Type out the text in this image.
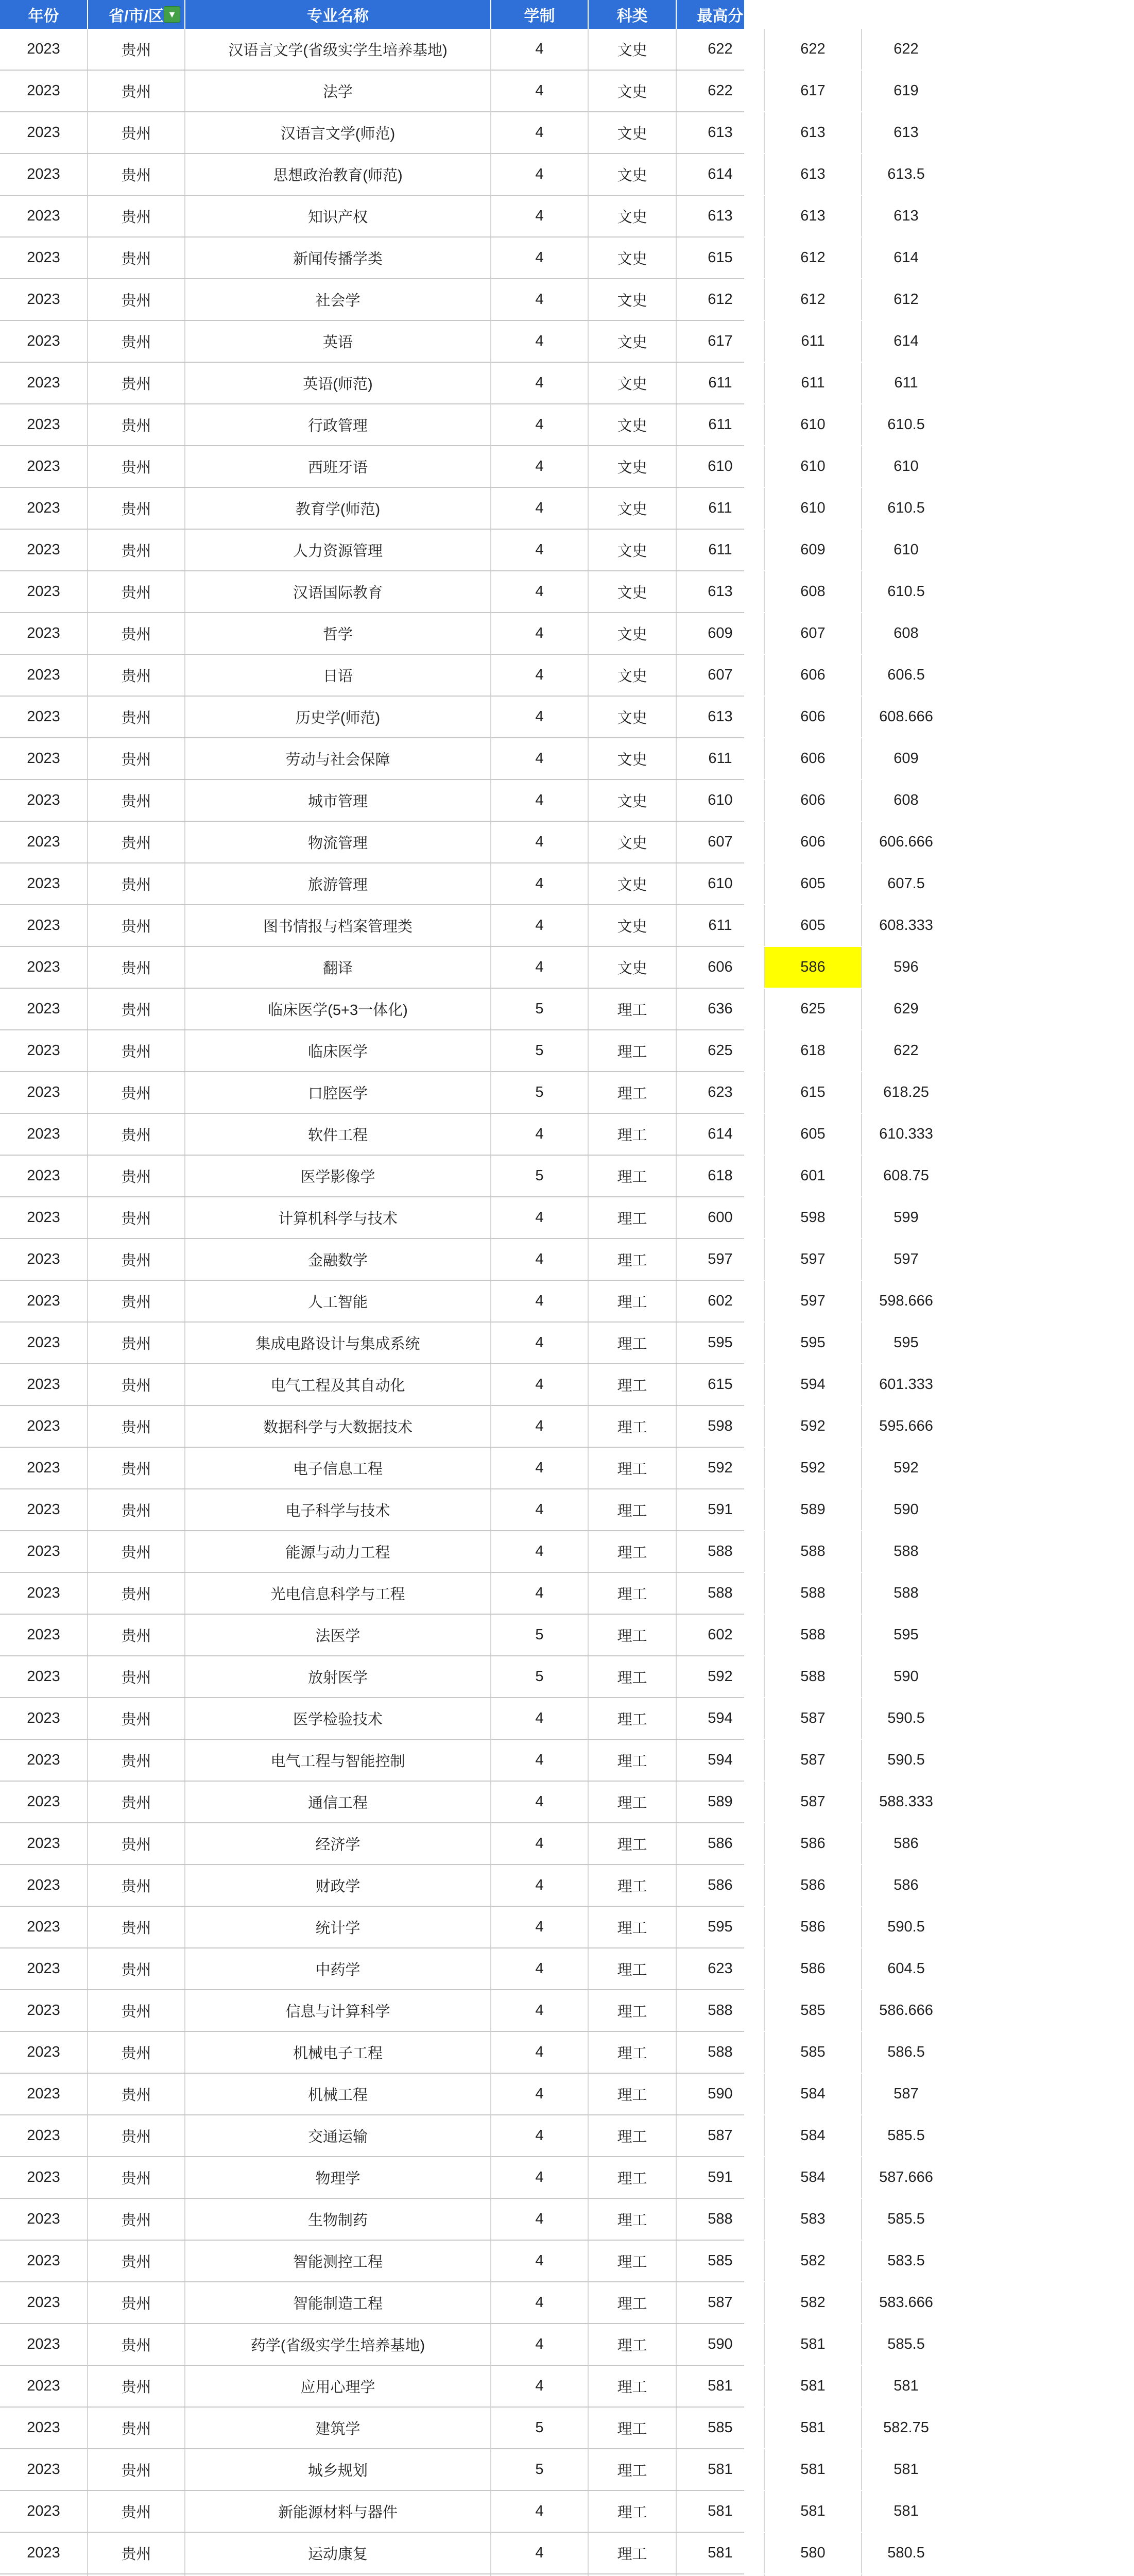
年份	省/市/区 ▼	专业名称	学制	科类	最高分	最低分	平均分
2023	贵州	汉语言文学(省级实学生培养基地)	4	文史	622	622	622
2023	贵州	法学	4	文史	622	617	619
2023	贵州	汉语言文学(师范)	4	文史	613	613	613
2023	贵州	思想政治教育(师范)	4	文史	614	613	613.5
2023	贵州	知识产权	4	文史	613	613	613
2023	贵州	新闻传播学类	4	文史	615	612	614
2023	贵州	社会学	4	文史	612	612	612
2023	贵州	英语	4	文史	617	611	614
2023	贵州	英语(师范)	4	文史	611	611	611
2023	贵州	行政管理	4	文史	611	610	610.5
2023	贵州	西班牙语	4	文史	610	610	610
2023	贵州	教育学(师范)	4	文史	611	610	610.5
2023	贵州	人力资源管理	4	文史	611	609	610
2023	贵州	汉语国际教育	4	文史	613	608	610.5
2023	贵州	哲学	4	文史	609	607	608
2023	贵州	日语	4	文史	607	606	606.5
2023	贵州	历史学(师范)	4	文史	613	606	608.666
2023	贵州	劳动与社会保障	4	文史	611	606	609
2023	贵州	城市管理	4	文史	610	606	608
2023	贵州	物流管理	4	文史	607	606	606.666
2023	贵州	旅游管理	4	文史	610	605	607.5
2023	贵州	图书情报与档案管理类	4	文史	611	605	608.333
2023	贵州	翻译	4	文史	606	586	596
2023	贵州	临床医学(5+3一体化)	5	理工	636	625	629
2023	贵州	临床医学	5	理工	625	618	622
2023	贵州	口腔医学	5	理工	623	615	618.25
2023	贵州	软件工程	4	理工	614	605	610.333
2023	贵州	医学影像学	5	理工	618	601	608.75
2023	贵州	计算机科学与技术	4	理工	600	598	599
2023	贵州	金融数学	4	理工	597	597	597
2023	贵州	人工智能	4	理工	602	597	598.666
2023	贵州	集成电路设计与集成系统	4	理工	595	595	595
2023	贵州	电气工程及其自动化	4	理工	615	594	601.333
2023	贵州	数据科学与大数据技术	4	理工	598	592	595.666
2023	贵州	电子信息工程	4	理工	592	592	592
2023	贵州	电子科学与技术	4	理工	591	589	590
2023	贵州	能源与动力工程	4	理工	588	588	588
2023	贵州	光电信息科学与工程	4	理工	588	588	588
2023	贵州	法医学	5	理工	602	588	595
2023	贵州	放射医学	5	理工	592	588	590
2023	贵州	医学检验技术	4	理工	594	587	590.5
2023	贵州	电气工程与智能控制	4	理工	594	587	590.5
2023	贵州	通信工程	4	理工	589	587	588.333
2023	贵州	经济学	4	理工	586	586	586
2023	贵州	财政学	4	理工	586	586	586
2023	贵州	统计学	4	理工	595	586	590.5
2023	贵州	中药学	4	理工	623	586	604.5
2023	贵州	信息与计算科学	4	理工	588	585	586.666
2023	贵州	机械电子工程	4	理工	588	585	586.5
2023	贵州	机械工程	4	理工	590	584	587
2023	贵州	交通运输	4	理工	587	584	585.5
2023	贵州	物理学	4	理工	591	584	587.666
2023	贵州	生物制药	4	理工	588	583	585.5
2023	贵州	智能测控工程	4	理工	585	582	583.5
2023	贵州	智能制造工程	4	理工	587	582	583.666
2023	贵州	药学(省级实学生培养基地)	4	理工	590	581	585.5
2023	贵州	应用心理学	4	理工	581	581	581
2023	贵州	建筑学	5	理工	585	581	582.75
2023	贵州	城乡规划	5	理工	581	581	581
2023	贵州	新能源材料与器件	4	理工	581	581	581
2023	贵州	运动康复	4	理工	581	580	580.5
